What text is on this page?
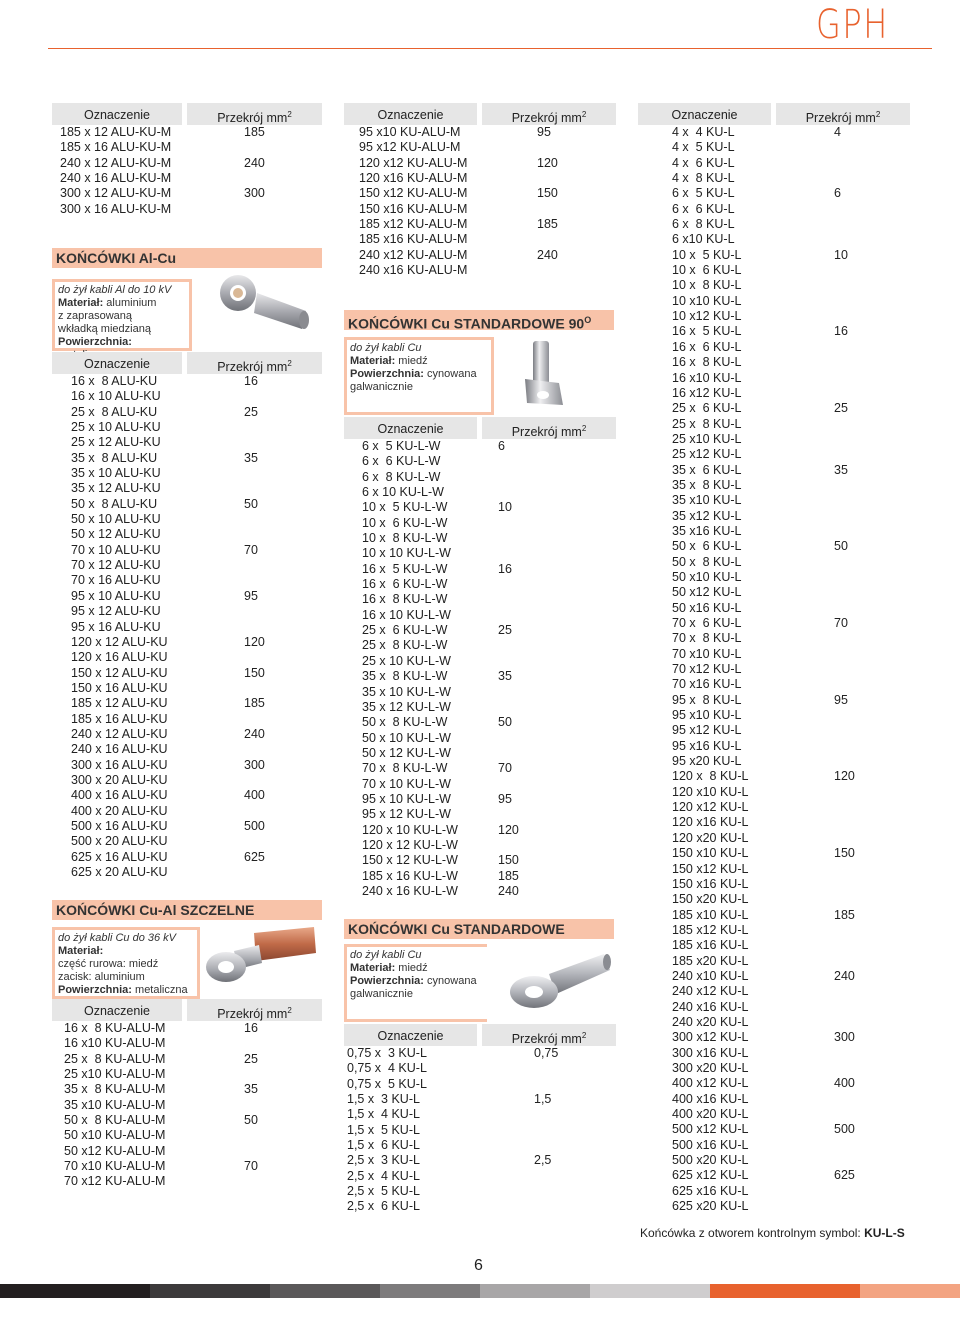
GPH
Oznaczenie	Przekrój $mm^2$
185 x 12 ALU-KU-M	185
185 x 16 ALU-KU-M
240 x 12 ALU-KU-M	240
240 x 16 ALU-KU-M
300 x 12 ALU-KU-M	300
300 x 16 ALU-KU-M
KOŃCÓWKI Al-Cu
do żył kabli Al do 10 kV
Materiał: aluminium
z zaprasowaną
wkładką miedzianą
Powierzchnia:
Oznaczenie	Przekrój $mm^2$
16 x  8 ALU-KU	16
16 x 10 ALU-KU
25 x  8 ALU-KU	25
25 x 10 ALU-KU
25 x 12 ALU-KU
35 x  8 ALU-KU	35
35 x 10 ALU-KU
35 x 12 ALU-KU
50 x  8 ALU-KU	50
50 x 10 ALU-KU
50 x 12 ALU-KU
70 x 10 ALU-KU	70
70 x 12 ALU-KU
70 x 16 ALU-KU
95 x 10 ALU-KU	95
95 x 12 ALU-KU
95 x 16 ALU-KU
120 x 12 ALU-KU	120
120 x 16 ALU-KU
150 x 12 ALU-KU	150
150 x 16 ALU-KU
185 x 12 ALU-KU	185
185 x 16 ALU-KU
240 x 12 ALU-KU	240
240 x 16 ALU-KU
300 x 16 ALU-KU	300
300 x 20 ALU-KU
400 x 16 ALU-KU	400
400 x 20 ALU-KU
500 x 16 ALU-KU	500
500 x 20 ALU-KU
625 x 16 ALU-KU	625
625 x 20 ALU-KU
KOŃCÓWKI Cu-Al SZCZELNE
do żył kabli Cu do 36 kV
Materiał:
część rurowa: miedź
zacisk: aluminium
Powierzchnia: metaliczna
Oznaczenie	Przekrój $mm^2$
16 x  8 KU-ALU-M	16
16 x10 KU-ALU-M
25 x  8 KU-ALU-M	25
25 x10 KU-ALU-M
35 x  8 KU-ALU-M	35
35 x10 KU-ALU-M
50 x  8 KU-ALU-M	50
50 x10 KU-ALU-M
50 x12 KU-ALU-M
70 x10 KU-ALU-M	70
70 x12 KU-ALU-M
Oznaczenie	Przekrój $mm^2$
95 x10 KU-ALU-M	95
95 x12 KU-ALU-M
120 x12 KU-ALU-M	120
120 x16 KU-ALU-M
150 x12 KU-ALU-M	150
150 x16 KU-ALU-M
185 x12 KU-ALU-M	185
185 x16 KU-ALU-M
240 x12 KU-ALU-M	240
240 x16 KU-ALU-M
KOŃCÓWKI Cu STANDARDOWE $90^O$
do żył kabli Cu
Materiał: miedź
Powierzchnia: cynowana
galwanicznie
Oznaczenie	Przekrój $mm^2$
6 x  5 KU-L-W	6
6 x  6 KU-L-W
6 x  8 KU-L-W
6 x 10 KU-L-W
10 x  5 KU-L-W	10
10 x  6 KU-L-W
10 x  8 KU-L-W
10 x 10 KU-L-W
16 x  5 KU-L-W	16
16 x  6 KU-L-W
16 x  8 KU-L-W
16 x 10 KU-L-W
25 x  6 KU-L-W	25
25 x  8 KU-L-W
25 x 10 KU-L-W
35 x  8 KU-L-W	35
35 x 10 KU-L-W
35 x 12 KU-L-W
50 x  8 KU-L-W	50
50 x 10 KU-L-W
50 x 12 KU-L-W
70 x  8 KU-L-W	70
70 x 10 KU-L-W
95 x 10 KU-L-W	95
95 x 12 KU-L-W
120 x 10 KU-L-W	120
120 x 12 KU-L-W
150 x 12 KU-L-W	150
185 x 16 KU-L-W	185
240 x 16 KU-L-W	240
KOŃCÓWKI Cu STANDARDOWE
do żył kabli Cu
Materiał: miedź
Powierzchnia: cynowana
galwanicznie
Oznaczenie	Przekrój $mm^2$
0,75 x  3 KU-L	0,75
0,75 x  4 KU-L
0,75 x  5 KU-L
1,5 x  3 KU-L	1,5
1,5 x  4 KU-L
1,5 x  5 KU-L
1,5 x  6 KU-L
2,5 x  3 KU-L	2,5
2,5 x  4 KU-L
2,5 x  5 KU-L
2,5 x  6 KU-L
Oznaczenie	Przekrój $mm^2$
4 x  4 KU-L	4
4 x  5 KU-L
4 x  6 KU-L
4 x  8 KU-L
6 x  5 KU-L	6
6 x  6 KU-L
6 x  8 KU-L
6 x10 KU-L
10 x  5 KU-L	10
10 x  6 KU-L
10 x  8 KU-L
10 x10 KU-L
10 x12 KU-L
16 x  5 KU-L	16
16 x  6 KU-L
16 x  8 KU-L
16 x10 KU-L
16 x12 KU-L
25 x  6 KU-L	25
25 x  8 KU-L
25 x10 KU-L
25 x12 KU-L
35 x  6 KU-L	35
35 x  8 KU-L
35 x10 KU-L
35 x12 KU-L
35 x16 KU-L
50 x  6 KU-L	50
50 x  8 KU-L
50 x10 KU-L
50 x12 KU-L
50 x16 KU-L
70 x  6 KU-L	70
70 x  8 KU-L
70 x10 KU-L
70 x12 KU-L
70 x16 KU-L
95 x  8 KU-L	95
95 x10 KU-L
95 x12 KU-L
95 x16 KU-L
95 x20 KU-L
120 x  8 KU-L	120
120 x10 KU-L
120 x12 KU-L
120 x16 KU-L
120 x20 KU-L
150 x10 KU-L	150
150 x12 KU-L
150 x16 KU-L
150 x20 KU-L
185 x10 KU-L	185
185 x12 KU-L
185 x16 KU-L
185 x20 KU-L
240 x10 KU-L	240
240 x12 KU-L
240 x16 KU-L
240 x20 KU-L
300 x12 KU-L	300
300 x16 KU-L
300 x20 KU-L
400 x12 KU-L	400
400 x16 KU-L
400 x20 KU-L
500 x12 KU-L	500
500 x16 KU-L
500 x20 KU-L
625 x12 KU-L	625
625 x16 KU-L
625 x20 KU-L
Końcówka z otworem kontrolnym symbol: KU-L-S
6
